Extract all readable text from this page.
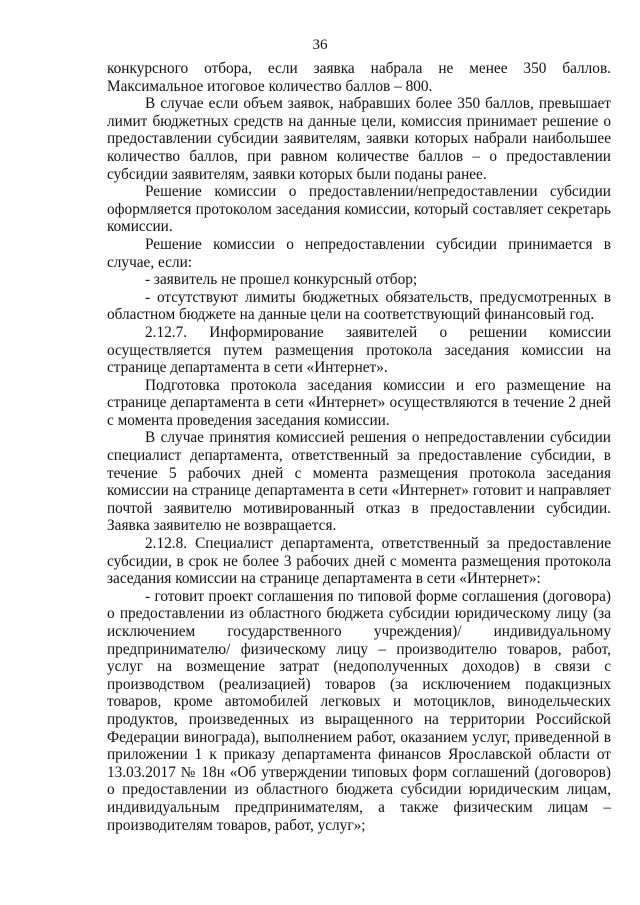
36

конкурсного отбора, если заявка набрала не менее 350 баллов. Максимальное итоговое количество баллов – 800.

В случае если объем заявок, набравших более 350 баллов, превышает лимит бюджетных средств на данные цели, комиссия принимает решение о предоставлении субсидии заявителям, заявки которых набрали наибольшее количество баллов, при равном количестве баллов – о предоставлении субсидии заявителям, заявки которых были поданы ранее.

Решение комиссии о предоставлении/непредоставлении субсидии оформляется протоколом заседания комиссии, который составляет секретарь комиссии.

Решение комиссии о непредоставлении субсидии принимается в случае, если:

- заявитель не прошел конкурсный отбор;

- отсутствуют лимиты бюджетных обязательств, предусмотренных в областном бюджете на данные цели на соответствующий финансовый год.

2.12.7. Информирование заявителей о решении комиссии осуществляется путем размещения протокола заседания комиссии на странице департамента в сети «Интернет».

Подготовка протокола заседания комиссии и его размещение на странице департамента в сети «Интернет» осуществляются в течение 2 дней с момента проведения заседания комиссии.

В случае принятия комиссией решения о непредоставлении субсидии специалист департамента, ответственный за предоставление субсидии, в течение 5 рабочих дней с момента размещения протокола заседания комиссии на странице департамента в сети «Интернет» готовит и направляет почтой заявителю мотивированный отказ в предоставлении субсидии. Заявка заявителю не возвращается.

2.12.8. Специалист департамента, ответственный за предоставление субсидии, в срок не более 3 рабочих дней с момента размещения протокола заседания комиссии на странице департамента в сети «Интернет»:

- готовит проект соглашения по типовой форме соглашения (договора) о предоставлении из областного бюджета субсидии юридическому лицу (за исключением государственного учреждения)/ индивидуальному предпринимателю/ физическому лицу – производителю товаров, работ, услуг на возмещение затрат (недополученных доходов) в связи с производством (реализацией) товаров (за исключением подакцизных товаров, кроме автомобилей легковых и мотоциклов, винодельческих продуктов, произведенных из выращенного на территории Российской Федерации винограда), выполнением работ, оказанием услуг, приведенной в приложении 1 к приказу департамента финансов Ярославской области от 13.03.2017 № 18н «Об утверждении типовых форм соглашений (договоров) о предоставлении из областного бюджета субсидии юридическим лицам, индивидуальным предпринимателям, а также физическим лицам – производителям товаров, работ, услуг»;
